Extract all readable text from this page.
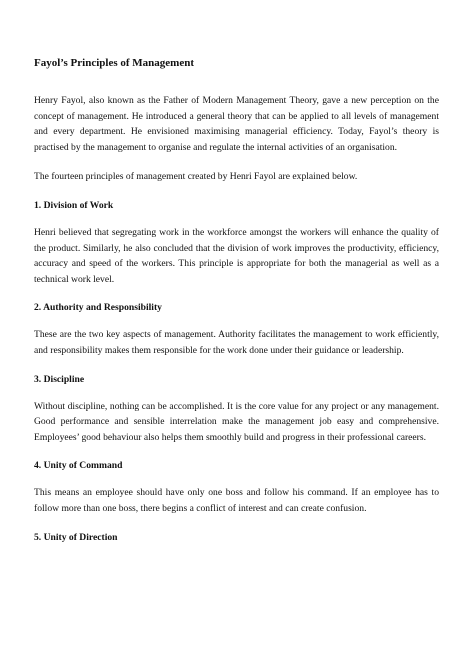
Fayol’s Principles of Management

Henry Fayol, also known as the Father of Modern Management Theory, gave a new perception on the concept of management. He introduced a general theory that can be applied to all levels of management and every department. He envisioned maximising managerial efficiency. Today, Fayol’s theory is practised by the management to organise and regulate the internal activities of an organisation.

The fourteen principles of management created by Henri Fayol are explained below.

1. Division of Work

Henri believed that segregating work in the workforce amongst the workers will enhance the quality of the product. Similarly, he also concluded that the division of work improves the productivity, efficiency, accuracy and speed of the workers. This principle is appropriate for both the managerial as well as a technical work level.

2. Authority and Responsibility

These are the two key aspects of management. Authority facilitates the management to work efficiently, and responsibility makes them responsible for the work done under their guidance or leadership.

3. Discipline

Without discipline, nothing can be accomplished. It is the core value for any project or any management. Good performance and sensible interrelation make the management job easy and comprehensive. Employees’ good behaviour also helps them smoothly build and progress in their professional careers.

4. Unity of Command

This means an employee should have only one boss and follow his command. If an employee has to follow more than one boss, there begins a conflict of interest and can create confusion.

5. Unity of Direction
